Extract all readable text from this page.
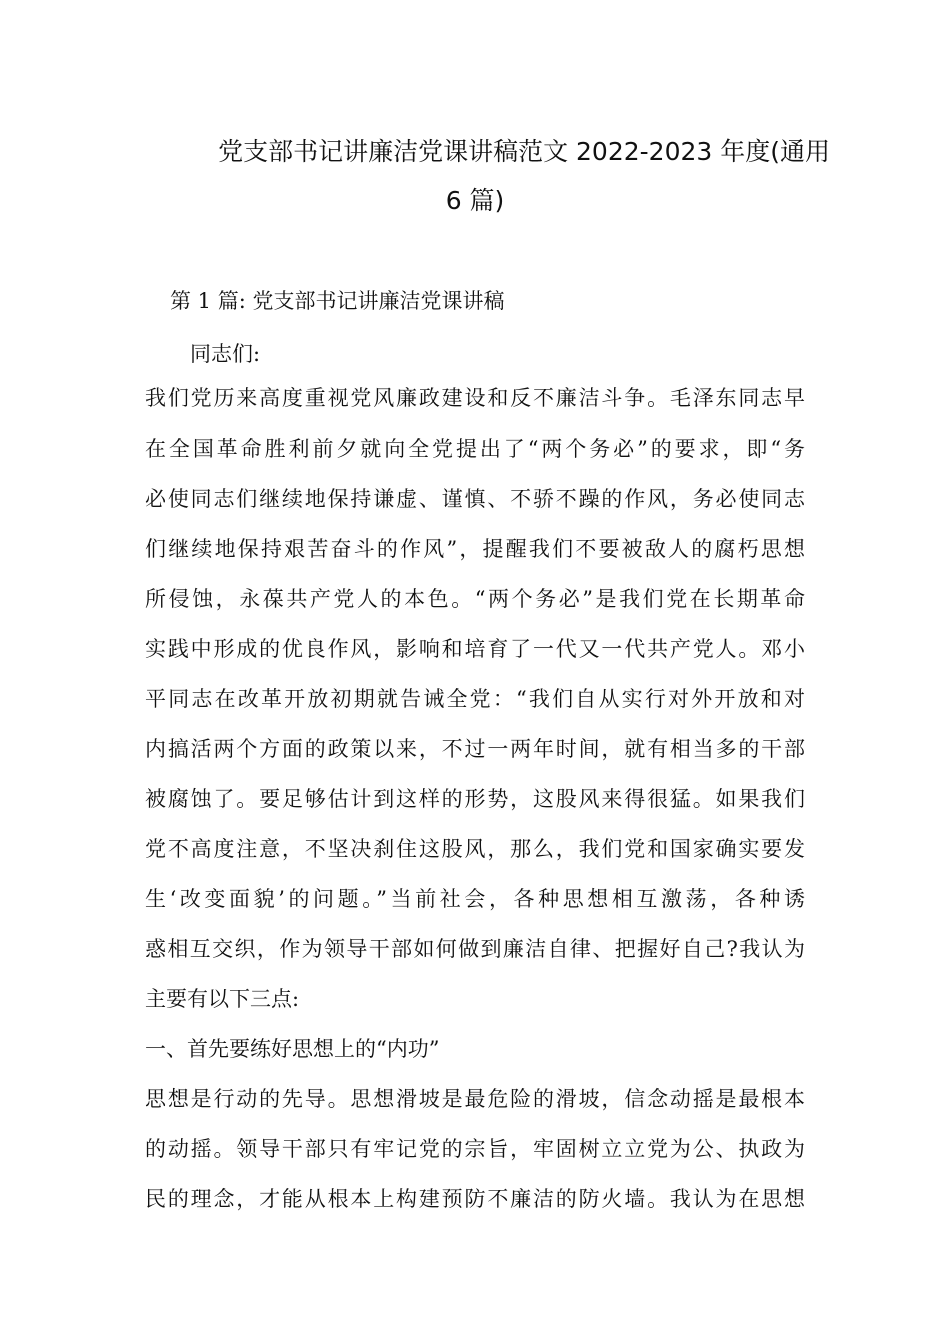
党支部书记讲廉洁党课讲稿范文 2022-2023 年度(通用
6 篇)
第 1 篇: 党支部书记讲廉洁党课讲稿
同志们:
我们党历来高度重视党风廉政建设和反不廉洁斗争。毛泽东同志早
在全国革命胜利前夕就向全党提出了“两个务必”的要求，即“务
必使同志们继续地保持谦虚、谨慎、不骄不躁的作风，务必使同志
们继续地保持艰苦奋斗的作风”，提醒我们不要被敌人的腐朽思想
所侵蚀，永葆共产党人的本色。“两个务必”是我们党在长期革命
实践中形成的优良作风，影响和培育了一代又一代共产党人。邓小
平同志在改革开放初期就告诫全党：“我们自从实行对外开放和对
内搞活两个方面的政策以来，不过一两年时间，就有相当多的干部
被腐蚀了。要足够估计到这样的形势，这股风来得很猛。如果我们
党不高度注意，不坚决刹住这股风，那么，我们党和国家确实要发
生‘改变面貌’的问题。”当前社会，各种思想相互激荡，各种诱
惑相互交织，作为领导干部如何做到廉洁自律、把握好自己?我认为
主要有以下三点:
一、首先要练好思想上的“内功”
思想是行动的先导。思想滑坡是最危险的滑坡，信念动摇是最根本
的动摇。领导干部只有牢记党的宗旨，牢固树立立党为公、执政为
民的理念，才能从根本上构建预防不廉洁的防火墙。我认为在思想
